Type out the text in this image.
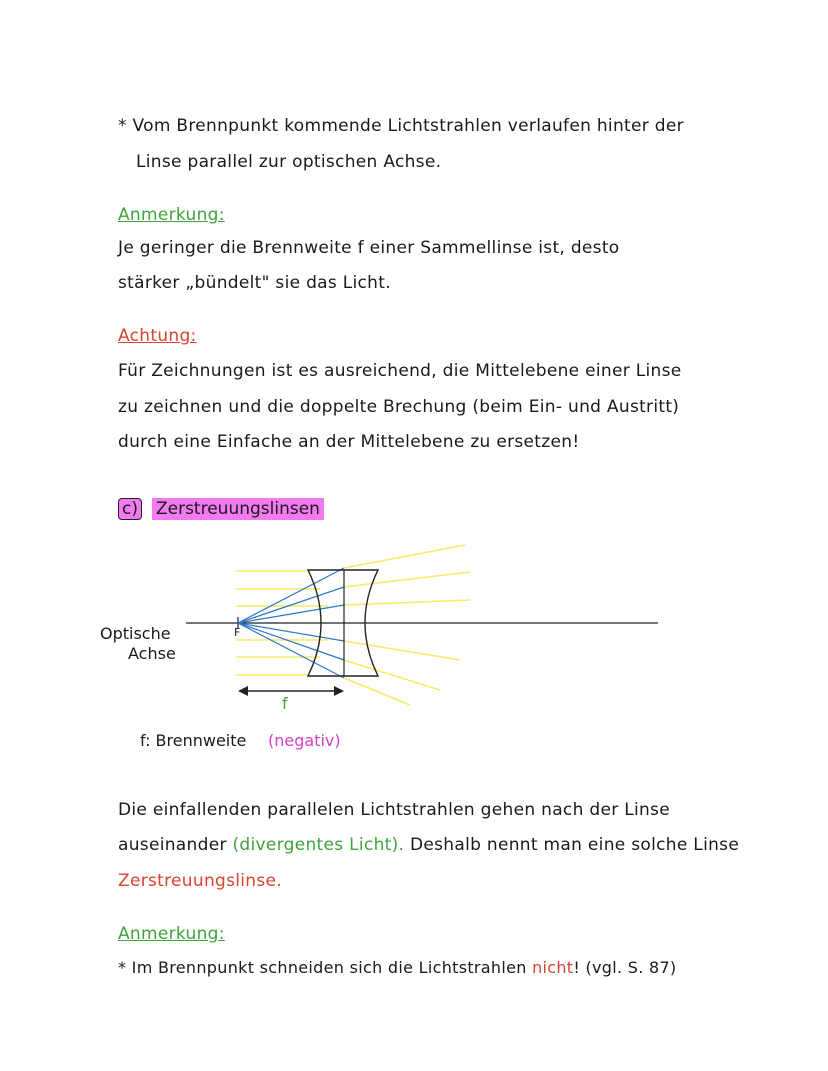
* Vom Brennpunkt kommende Lichtstrahlen verlaufen hinter der
Linse parallel zur optischen Achse.
Anmerkung:
Je geringer die Brennweite f einer Sammellinse ist, desto
stärker „bündelt" sie das Licht.
Achtung:
Für Zeichnungen ist es ausreichend, die Mittelebene einer Linse
zu zeichnen und die doppelte Brechung (beim Ein- und Austritt)
durch eine Einfache an der Mittelebene zu ersetzen!
c) Zerstreuungslinsen
Optische
Achse
F
f
f: Brennweite (negativ)
Die einfallenden parallelen Lichtstrahlen gehen nach der Linse
auseinander (divergentes Licht). Deshalb nennt man eine solche Linse
Zerstreuungslinse.
Anmerkung:
* Im Brennpunkt schneiden sich die Lichtstrahlen nicht! (vgl. S. 87)
